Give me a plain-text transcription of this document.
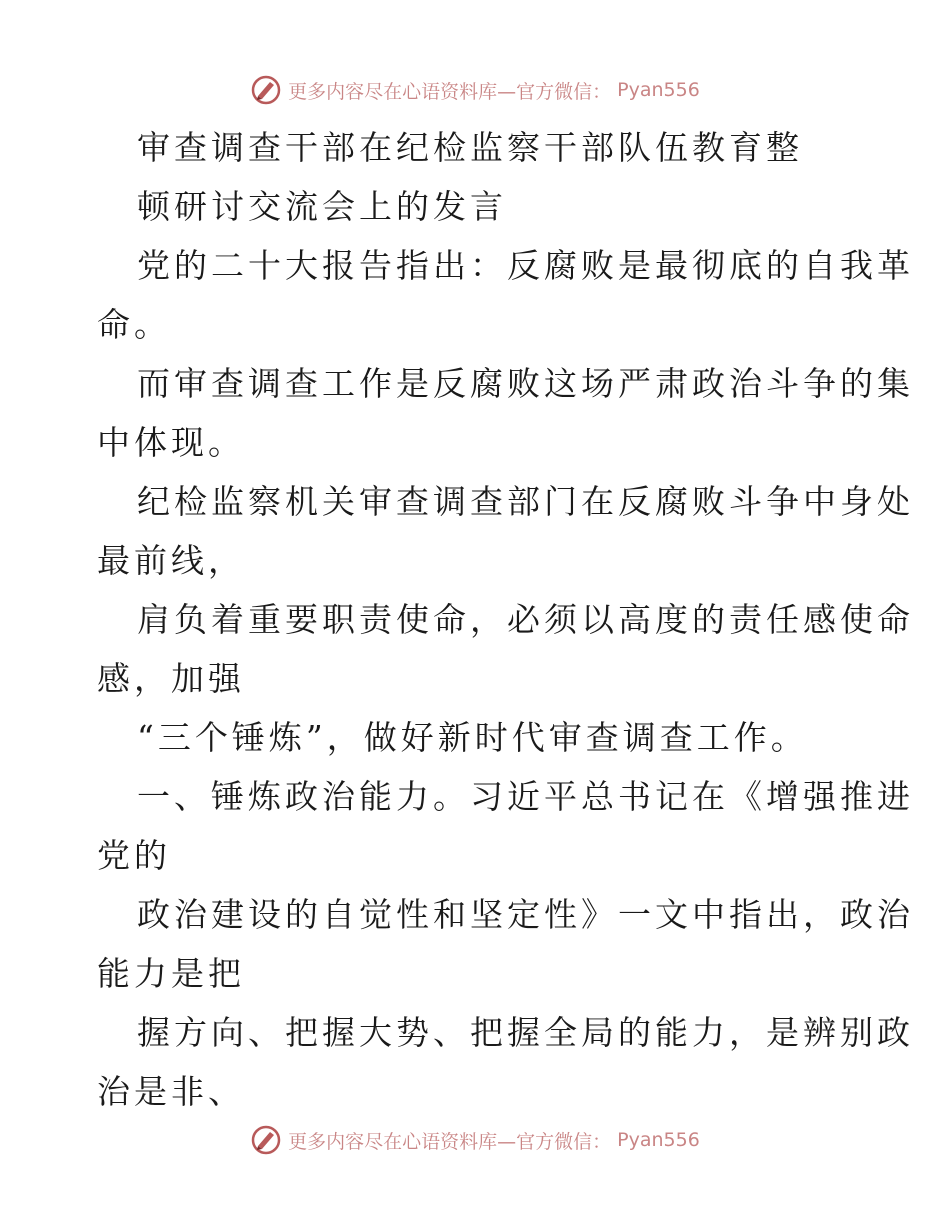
更多内容尽在心语资料库—官方微信： Pyan556
审查调查干部在纪检监察干部队伍教育整
顿研讨交流会上的发言
党的二十大报告指出：反腐败是最彻底的自我革
命。
而审查调查工作是反腐败这场严肃政治斗争的集
中体现。
纪检监察机关审查调查部门在反腐败斗争中身处
最前线，
肩负着重要职责使命，必须以高度的责任感使命
感，加强
“三个锤炼”，做好新时代审查调查工作。
一、锤炼政治能力。习近平总书记在《增强推进
党的
政治建设的自觉性和坚定性》一文中指出，政治
能力是把
握方向、把握大势、把握全局的能力，是辨别政
治是非、
更多内容尽在心语资料库—官方微信： Pyan556
